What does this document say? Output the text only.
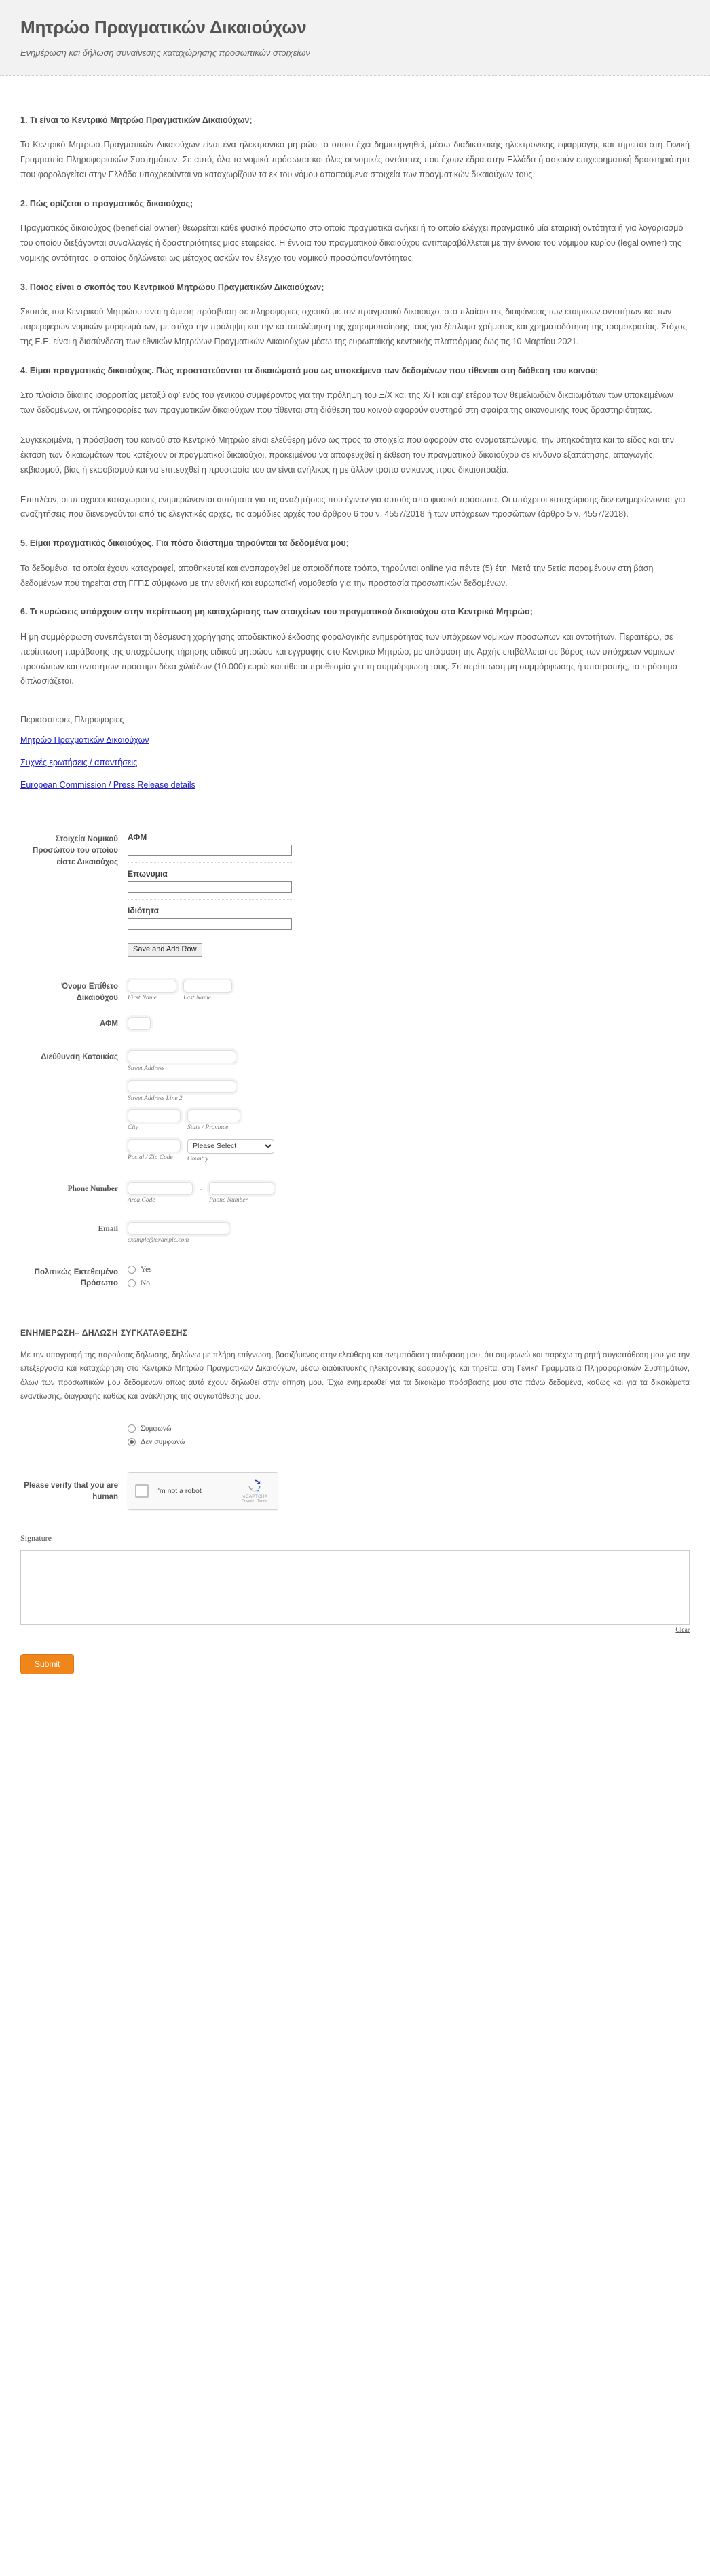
Μητρώο Πραγματικών Δικαιούχων

Ενημέρωση και δήλωση συναίνεσης καταχώρησης προσωπικών στοιχείων

1. Τι είναι το Κεντρικό Μητρώο Πραγματικών Δικαιούχων;

Το Κεντρικό Μητρώο Πραγματικών Δικαιούχων είναι ένα ηλεκτρονικό μητρώο το οποίο έχει δημιουργηθεί, μέσω διαδικτυακής ηλεκτρονικής εφαρμογής και τηρείται στη Γενική Γραμματεία Πληροφοριακών Συστημάτων. Σε αυτό, όλα τα νομικά πρόσωπα και όλες οι νομικές οντότητες που έχουν έδρα στην Ελλάδα ή ασκούν επιχειρηματική δραστηριότητα που φορολογείται στην Ελλάδα υποχρεούνται να καταχωρίζουν τα εκ του νόμου απαιτούμενα στοιχεία των πραγματικών δικαιούχων τους.

2. Πώς ορίζεται ο πραγματικός δικαιούχος;

Πραγματικός δικαιούχος (beneficial owner) θεωρείται κάθε φυσικό πρόσωπο στο οποίο πραγματικά ανήκει ή το οποίο ελέγχει πραγματικά μία εταιρική οντότητα ή για λογαριασμό του οποίου διεξάγονται συναλλαγές ή δραστηριότητες μιας εταιρείας. Η έννοια του πραγματικού δικαιούχου αντιπαραβάλλεται με την έννοια του νόμιμου κυρίου (legal owner) της νομικής οντότητας, ο οποίος δηλώνεται ως μέτοχος ασκών τον έλεγχο του νομικού προσώπου/οντότητας.

3. Ποιος είναι ο σκοπός του Κεντρικού Μητρώου Πραγματικών Δικαιούχων;

Σκοπός του Κεντρικού Μητρώου είναι η άμεση πρόσβαση σε πληροφορίες σχετικά με τον πραγματικό δικαιούχο, στο πλαίσιο της διαφάνειας των εταιρικών οντοτήτων και των παρεμφερών νομικών μορφωμάτων, με στόχο την πρόληψη και την καταπολέμηση της χρησιμοποίησής τους για ξέπλυμα χρήματος και χρηματοδότηση της τρομοκρατίας. Στόχος της Ε.Ε. είναι η διασύνδεση των εθνικών Μητρώων Πραγματικών Δικαιούχων μέσω της ευρωπαϊκής κεντρικής πλατφόρμας έως τις 10 Μαρτίου 2021.

4. Είμαι πραγματικός δικαιούχος. Πώς προστατεύονται τα δικαιώματά μου ως υποκείμενο των δεδομένων που τίθενται στη διάθεση του κοινού;

Στο πλαίσιο δίκαιης ισορροπίας μεταξύ αφ' ενός του γενικού συμφέροντος για την πρόληψη του Ξ/Χ και της Χ/Τ και αφ' ετέρου των θεμελιωδών δικαιωμάτων των υποκειμένων των δεδομένων, οι πληροφορίες των πραγματικών δικαιούχων που τίθενται στη διάθεση του κοινού αφορούν αυστηρά στη σφαίρα της οικονομικής τους δραστηριότητας.

Συγκεκριμένα, η πρόσβαση του κοινού στο Κεντρικό Μητρώο είναι ελεύθερη μόνο ως προς τα στοιχεία που αφορούν στο ονοματεπώνυμο, την υπηκοότητα και το είδος και την έκταση των δικαιωμάτων που κατέχουν οι πραγματικοί δικαιούχοι, προκειμένου να αποφευχθεί η έκθεση του πραγματικού δικαιούχου σε κίνδυνο εξαπάτησης, απαγωγής, εκβιασμού, βίας ή εκφοβισμού και να επιτευχθεί η προστασία του αν είναι ανήλικος ή με άλλον τρόπο ανίκανος προς δικαιοπραξία.

Επιπλέον, οι υπόχρεοι καταχώρισης ενημερώνονται αυτόματα για τις αναζητήσεις που έγιναν για αυτούς από φυσικά πρόσωπα. Οι υπόχρεοι καταχώρισης δεν ενημερώνονται για αναζητήσεις που διενεργούνται από τις ελεγκτικές αρχές, τις αρμόδιες αρχές του άρθρου 6 του ν. 4557/2018 ή των υπόχρεων προσώπων (άρθρο 5 ν. 4557/2018).

5. Είμαι πραγματικός δικαιούχος. Για πόσο διάστημα τηρούνται τα δεδομένα μου;

Τα δεδομένα, τα οποία έχουν καταγραφεί, αποθηκευτεί και αναπαραχθεί με οποιοδήποτε τρόπο, τηρούνται online για πέντε (5) έτη. Μετά την 5ετία παραμένουν στη βάση δεδομένων που τηρείται στη ΓΓΠΣ σύμφωνα με την εθνική και ευρωπαϊκή νομοθεσία για την προστασία προσωπικών δεδομένων.

6. Τι κυρώσεις υπάρχουν στην περίπτωση μη καταχώρισης των στοιχείων του πραγματικού δικαιούχου στο Κεντρικό Μητρώο;

Η μη συμμόρφωση συνεπάγεται τη δέσμευση χορήγησης αποδεικτικού έκδοσης φορολογικής ενημερότητας των υπόχρεων νομικών προσώπων και οντοτήτων. Περαιτέρω, σε περίπτωση παράβασης της υποχρέωσης τήρησης ειδικού μητρώου και εγγραφής στο Κεντρικό Μητρώο, με απόφαση της Αρχής επιβάλλεται σε βάρος των υπόχρεων νομικών προσώπων και οντοτήτων πρόστιμο δέκα χιλιάδων (10.000) ευρώ και τίθεται προθεσμία για τη συμμόρφωσή τους. Σε περίπτωση μη συμμόρφωσης ή υποτροπής, το πρόστιμο διπλασιάζεται.

Περισσότερες Πληροφορίες

Μητρώο Πραγματικών Δικαιούχων
Συχνές ερωτήσεις / απαντήσεις
European Commission / Press Release details
Στοιχεία Νομικού Προσώπου του οποίου είστε Δικαιούχος
ΑΦΜ
Επωνυμια
Ιδιότητα
Save and Add Row
Όνομα Επίθετο Δικαιούχου	First Name	Last Name
ΑΦΜ
Διεύθυνση Κατοικίας
Street Address
Street Address Line 2
City	State / Province
Postal / Zip Code
Please Select	Country
Phone Number
Area Code
-
Phone Number
Email
example@example.com
Πολιτικώς Εκτεθειμένο Πρόσωπο
Yes
No

ΕΝΗΜΕΡΩΣΗ– ΔΗΛΩΣΗ ΣΥΓΚΑΤΑΘΕΣΗΣ

Με την υπογραφή της παρούσας δήλωσης, δηλώνω με πλήρη επίγνωση, βασιζόμενος στην ελεύθερη και ανεμπόδιστη απόφαση μου, ότι συμφωνώ και παρέχω τη ρητή συγκατάθεση μου για την επεξεργασία και καταχώρηση στο Κεντρικό Μητρώο Πραγματικών Δικαιούχων, μέσω διαδικτυακής ηλεκτρονικής εφαρμογής και τηρείται στη Γενική Γραμματεία Πληροφοριακών Συστημάτων, όλων των προσωπικών μου δεδομένων όπως αυτά έχουν δηλωθεί στην αίτηση μου. Έχω ενημερωθεί για τα δικαιώμα πρόσβασης μου στα πάνω δεδομένα, καθώς και για τα δικαιώματα εναντίωσης, διαγραφής καθώς και ανάκλησης της συγκατάθεσης μου.

Συμφωνώ
Δεν συμφωνώ
Please verify that you are human
I'm not a robot
reCAPTCHA
Privacy - Terms
Signature
Clear
Submit
